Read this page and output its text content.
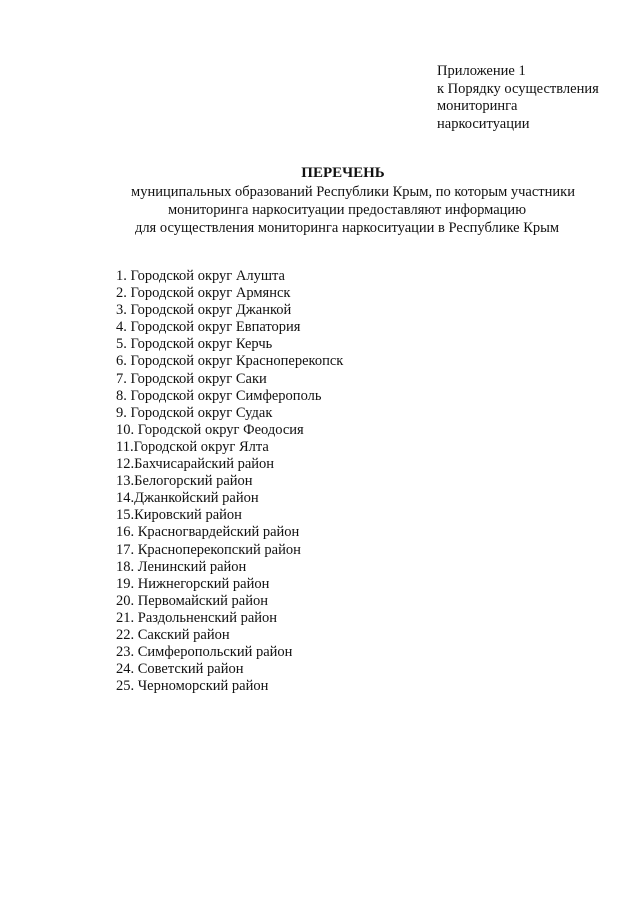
Приложение 1
к Порядку осуществления
мониторинга
наркоситуации
ПЕРЕЧЕНЬ
муниципальных образований Республики Крым, по которым участники
мониторинга наркоситуации предоставляют информацию
для осуществления мониторинга наркоситуации в Республике Крым
1. Городской округ Алушта
2. Городской округ Армянск
3. Городской округ Джанкой
4. Городской округ Евпатория
5. Городской округ Керчь
6. Городской округ Красноперекопск
7. Городской округ Саки
8. Городской округ Симферополь
9. Городской округ Судак
10. Городской округ Феодосия
11.Городской округ Ялта
12.Бахчисарайский район
13.Белогорский район
14.Джанкойский район
15.Кировский район
16. Красногвардейский район
17. Красноперекопский район
18. Ленинский район
19. Нижнегорский район
20. Первомайский район
21. Раздольненский район
22. Сакский район
23. Симферопольский район
24. Советский район
25. Черноморский район
